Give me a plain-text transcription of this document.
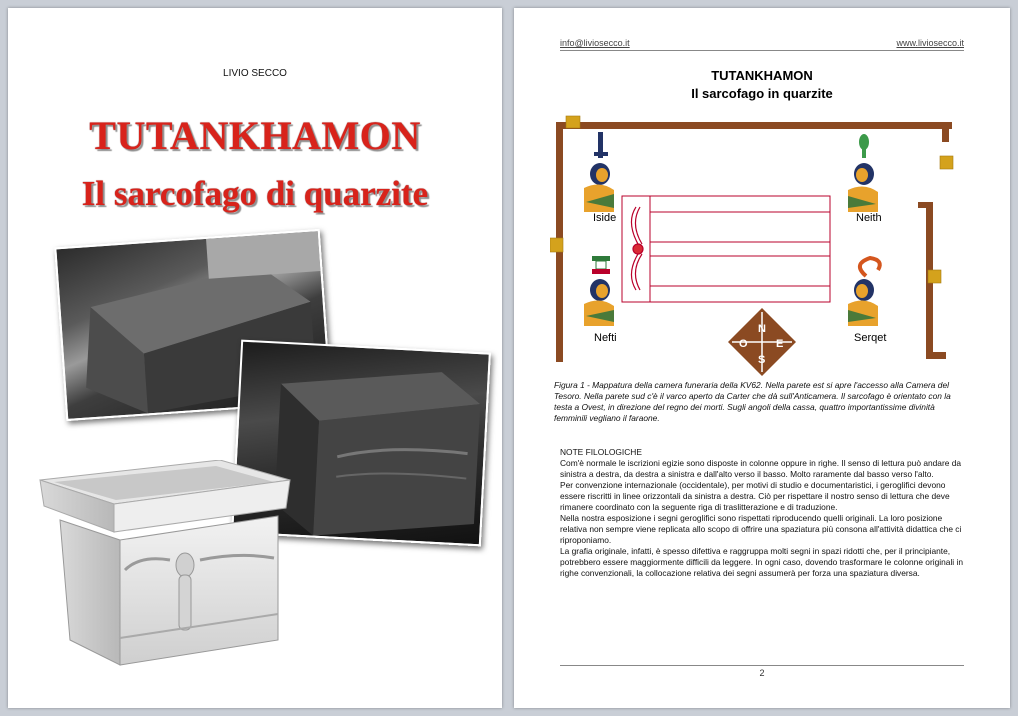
LIVIO SECCO
TUTANKHAMON
Il sarcofago di quarzite
info@liviosecco.it	www.liviosecco.it
TUTANKHAMON
Il sarcofago in quarzite
Iside	Neith
Nefti	Serqet
N
E
S
O
Figura 1 - Mappatura della camera funeraria della KV62. Nella parete est si apre l'accesso alla Camera del Tesoro. Nella parete sud c'è il varco aperto da Carter che dà sull'Anticamera. Il sarcofago è orientato con la testa a Ovest, in direzione del regno dei morti. Sugli angoli della cassa, quattro importantissime divinità femminili vegliano il faraone.

NOTE FILOLOGICHE

Com'è normale le iscrizioni egizie sono disposte in colonne oppure in righe. Il senso di lettura può andare da sinistra a destra, da destra a sinistra e dall'alto verso il basso. Molto raramente dal basso verso l'alto.

Per convenzione internazionale (occidentale), per motivi di studio e documentaristici, i geroglifici devono essere riscritti in linee orizzontali da sinistra a destra. Ciò per rispettare il nostro senso di lettura che deve rimanere coordinato con la seguente riga di traslitterazione e di traduzione.

Nella nostra esposizione i segni geroglifici sono rispettati riproducendo quelli originali. La loro posizione relativa non sempre viene replicata allo scopo di offrire una spaziatura più consona all'attività didattica che ci riproponiamo.

La grafia originale, infatti, è spesso difettiva e raggruppa molti segni in spazi ridotti che, per il principiante, potrebbero essere maggiormente difficili da leggere. In ogni caso, dovendo trasformare le colonne originali in righe convenzionali, la collocazione relativa dei segni assumerà per forza una spaziatura diversa.

2
